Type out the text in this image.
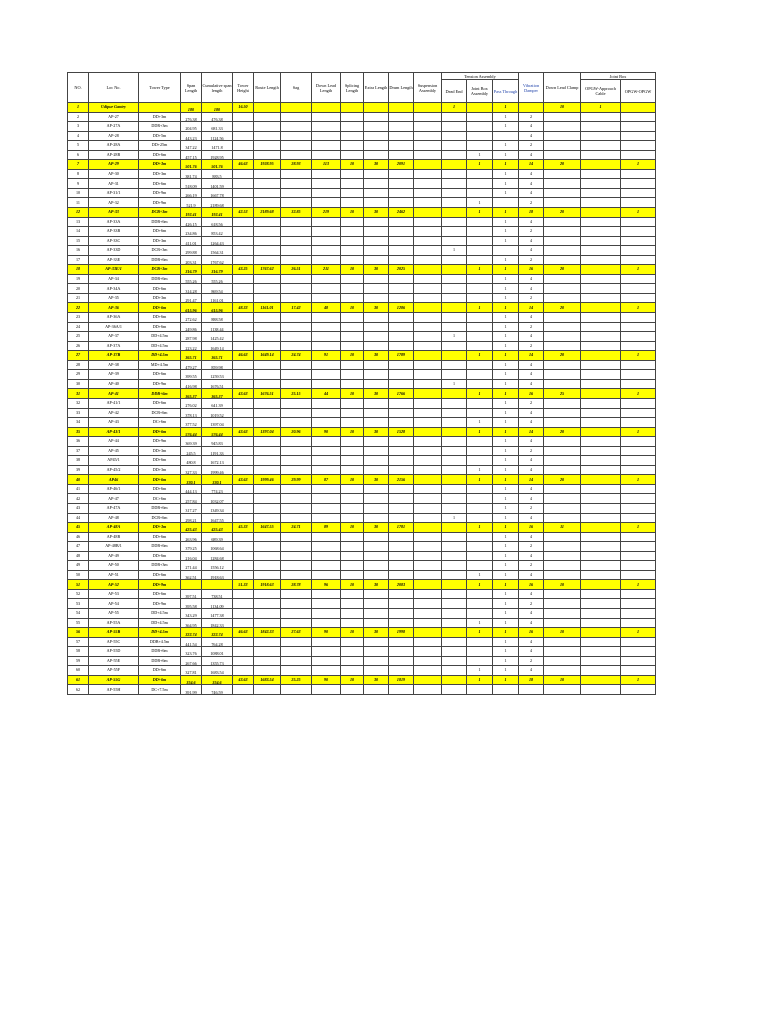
NO.	Loc No.	Tower Type	Span Length	Cumulative span length	Tower Height	Route Length	Sag	Down Lead Length	Splicing Length	Extra Length	Drum Length	Suspension Assembly	Tension Assembly			Vibration Damper	Down Lead Clamp	Joint Box	
													Dead End	Joint Box Assembly	Pass Through			OPGW-Approach Cable	OPGW-OPGW
1	Udipur Gantry		180	180	16.50								1		1		10	1	
2	AP-27	DD+3m	276.38	476.38											1	2			
3	AP-27A	DDR+3m	204.95	681.33											1	4			
4	AP-28	DD+5m	443.23	1124.56												4			
5	AP-28A	DD+25m	347.22	1471.8											1	2			
6	AP-28B	DD+6m	457.15	1928.95										1	1	4			
7	AP-29	DD+3m	501.76	501.76	46.63	1928.95	28.93	113	10	30	2091			1	1	14	20		1
8	AP-30	DD+3m	381.74	883.5											1	4			
9	AP-31	DD+6m	518.09	1401.59											1	4			
10	AP-31/1	DD+9m	266.19	1667.78											1	4			
11	AP-32	DD+9m	521.9	2189.68										1		2			
12	AP-33	DCB+3m	192.41	192.41	42.53	2189.68	32.85	219	10	30	2462			1	1	18	20		1
13	AP-33A	DDB+6m	426.15	618.56											1	4			
14	AP-33B	DD+6m	234.86	853.42											1	2			
15	AP-33C	DD+3m	411.01	1264.43											1	4			
16	AP-33D	DCB+3m	299.88	1564.31									1			4			
17	AP-33E	DDB+6m	203.31	1767.62											1	2			
18	AP-33E/1	DCB+3m	316.79	316.79	43.25	1767.62	26.51	211	10	30	2025			1	1	16	20		1
19	AP-34	DDB+6m	555.26	555.26											1	4			
20	AP-34A	DD+6m	314.28	869.54											1	4			
21	AP-35	DD+3m	291.47	1161.01											1	2			
22	AP-36	DD+6m	615.96	615.96	48.33	1161.01	17.42	48	10	30	1286			1	1	14	20		1
23	AP-36A	DD+6m	272.62	888.58											1	4			
24	AP-36A/1	DD+6m	249.86	1138.44											1	2			
25	AP-37	DD+4.5m	287.98	1425.42									1		1	4			
26	AP-37A	DD+4.5m	223.22	1649.14											1	2			
27	AP-37B	DD+4.5m	365.71	365.71	46.63	1649.14	24.74	91	10	30	1789			1	1	14	20		1
28	AP-38	MD+4.5m	479.27	859.98											1	4			
29	AP-39	DD+6m	399.55	1259.53											1	4			
30	AP-40	DD+9m	416.98	1676.51									1		1	4			
31	AP-41	DDB+6m	365.37	365.37	43.63	1676.51	25.15	44	10	30	1766			1	1	16	25		1
32	AP-41/1	DD+6m	276.02	641.39											1	2			
33	AP-42	DCB+6m	378.13	1019.52											1	4			
34	AP-43	DC+6m	377.52	1397.04										1	1	4			
35	AP-43/1	DD+6m	576.44	576.44	43.63	1397.04	20.96	90	10	30	1528			1	1	14	20		1
36	AP-44	DD+9m	369.39	945.83											1	4			
37	AP-45	DD+3m	245.5	1191.33											1	2			
38	AP45/1	DD+6m	480.8	1672.13											1	4			
39	AP-45/2	DD+3m	327.33	1999.46										1	1	4			
40	AP46	DD+6m	330.1	330.1	43.63	1999.46	29.99	87	10	30	2156			1	1	14	20		1
41	AP-46/1	DD+6m	444.13	774.23											1	4			
42	AP-47	DC+6m	257.84	1032.07											1	4			
43	AP-47A	DDB+6m	317.27	1349.34											1	2			
44	AP-48	DCB+6m	298.21	1647.55									1		1	4			
45	AP-48A	DD+3m	425.43	425.43	45.33	1647.55	24.71	89	10	30	1781			1	1	16	11		1
46	AP-48B	DD+6m	263.96	689.39											1	4			
47	AP-48B/1	DDB+6m	379.25	1068.64											1	2			
48	AP-49	DD+6m	216.04	1284.68											1	4			
49	AP-50	DDB+3m	271.44	1556.12											1	2			
50	AP-51	DD+6m	362.51	1918.63										1	1	4			
51	AP-52	DD+9m			51.33	1918.63	28.78	96	10	30	2083			1	1	16	10		1
52	AP-53	DD+6m	397.51	738.51											1	4			
53	AP-54	DD+9m	395.58	1134.09											1	2			
54	AP-55	DD+4.5m	343.29	1477.38											1	4			
55	AP-55A	DD+4.5m	364.95	1842.33										1	1	4			
56	AP-55B	DD+4.5m	322.74	322.74	46.63	1842.33	27.63	90	10	30	1998			1	1	16	10		1
57	AP-55C	DDB+4.5m	441.54	764.28											1	4			
58	AP-55D	DDB+6m	323.76	1088.01											1	4			
59	AP-55E	DDB+6m	267.66	1355.73											1	2			
60	AP-55F	DD+6m	327.81	1683.54										1	1	4			
61	AP-55G	DD+6m	354.6	354.6	43.63	1683.54	25.25	90	10	30	1819			1	1	18	10		1
62	AP-55H	DC+7.5m	391.99	746.59															
